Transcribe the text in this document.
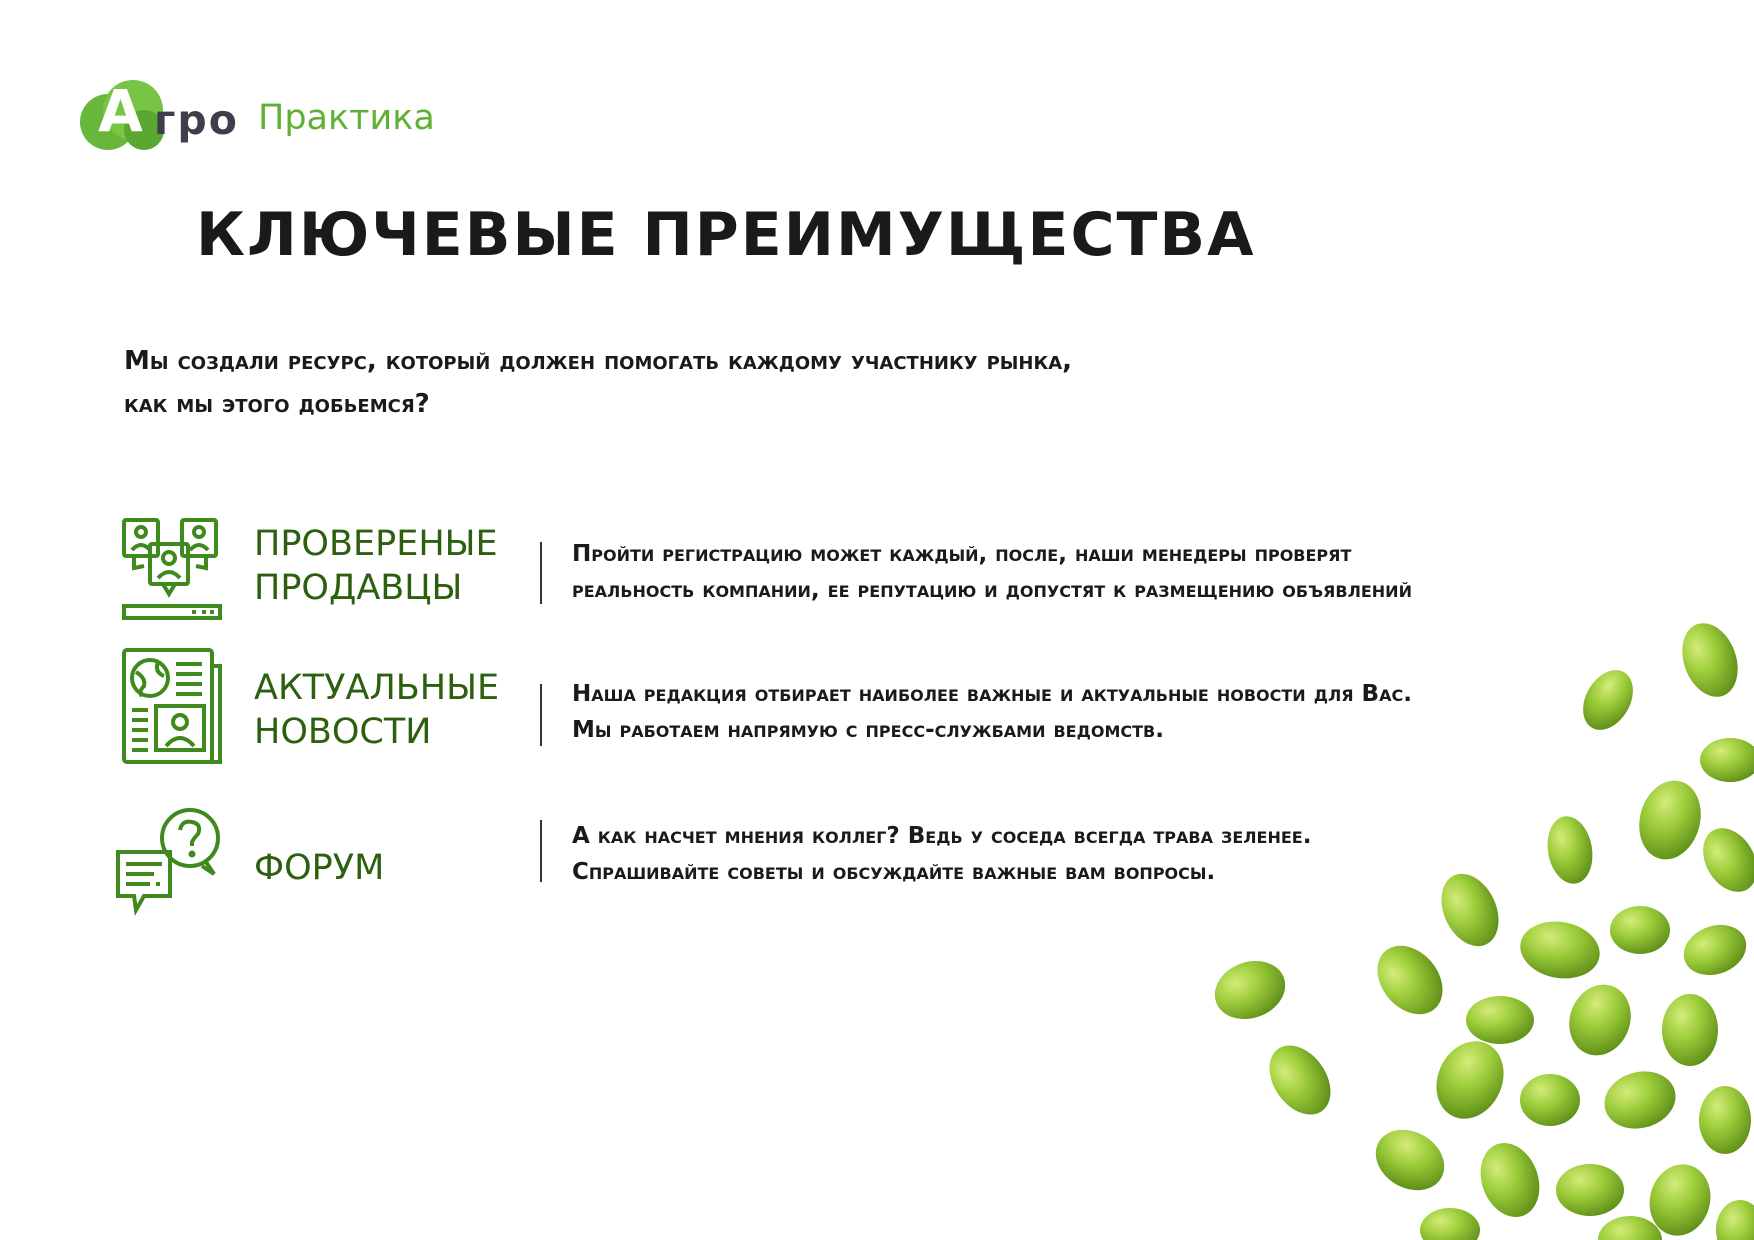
А гро Практика
КЛЮЧЕВЫЕ ПРЕИМУЩЕСТВА
Мы создали ресурс, который должен помогать каждому участнику рынка,
как мы этого добьемся?
ПРОВЕРЕНЫЕ
ПРОДАВЦЫ
Пройти регистрацию может каждый, после, наши менедеры проверят
реальность компании, ее репутацию и допустят к размещению объявлений
АКТУАЛЬНЫЕ
НОВОСТИ
Наша редакция отбирает наиболее важные и актуальные новости для Вас.
Мы работаем напрямую с пресс-службами ведомств.
ФОРУМ
А как насчет мнения коллег? Ведь у соседа всегда трава зеленее.
Спрашивайте советы и обсуждайте важные вам вопросы.
